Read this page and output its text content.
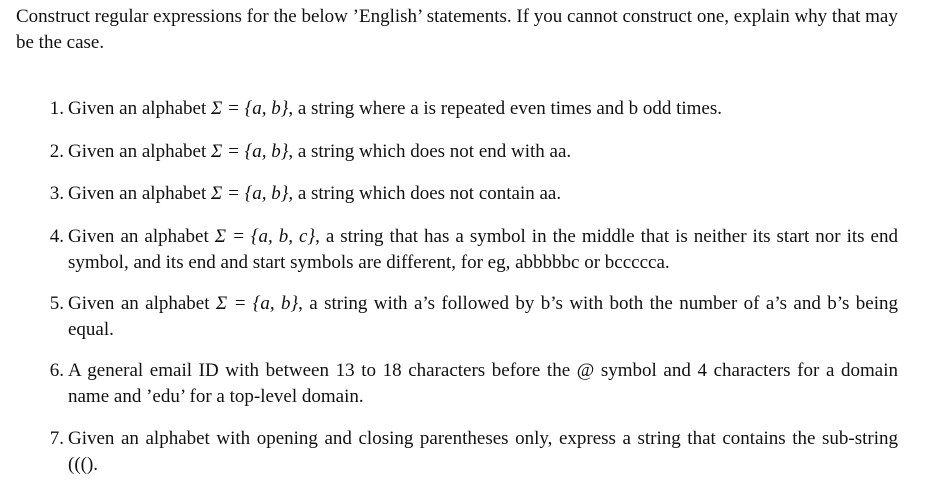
Construct regular expressions for the below ’English’ statements. If you cannot construct one, explain why that may be the case.

1. Given an alphabet Σ = {a, b}, a string where a is repeated even times and b odd times.
2. Given an alphabet Σ = {a, b}, a string which does not end with aa.
3. Given an alphabet Σ = {a, b}, a string which does not contain aa.
4. Given an alphabet Σ = {a, b, c}, a string that has a symbol in the middle that is neither its start nor its end symbol, and its end and start symbols are different, for eg, abbbbbc or bccccca.
5. Given an alphabet Σ = {a, b}, a string with a’s followed by b’s with both the number of a’s and b’s being equal.
6. A general email ID with between 13 to 18 characters before the @ symbol and 4 characters for a domain name and ’edu’ for a top-level domain.
7. Given an alphabet with opening and closing parentheses only, express a string that contains the sub-string ((().
